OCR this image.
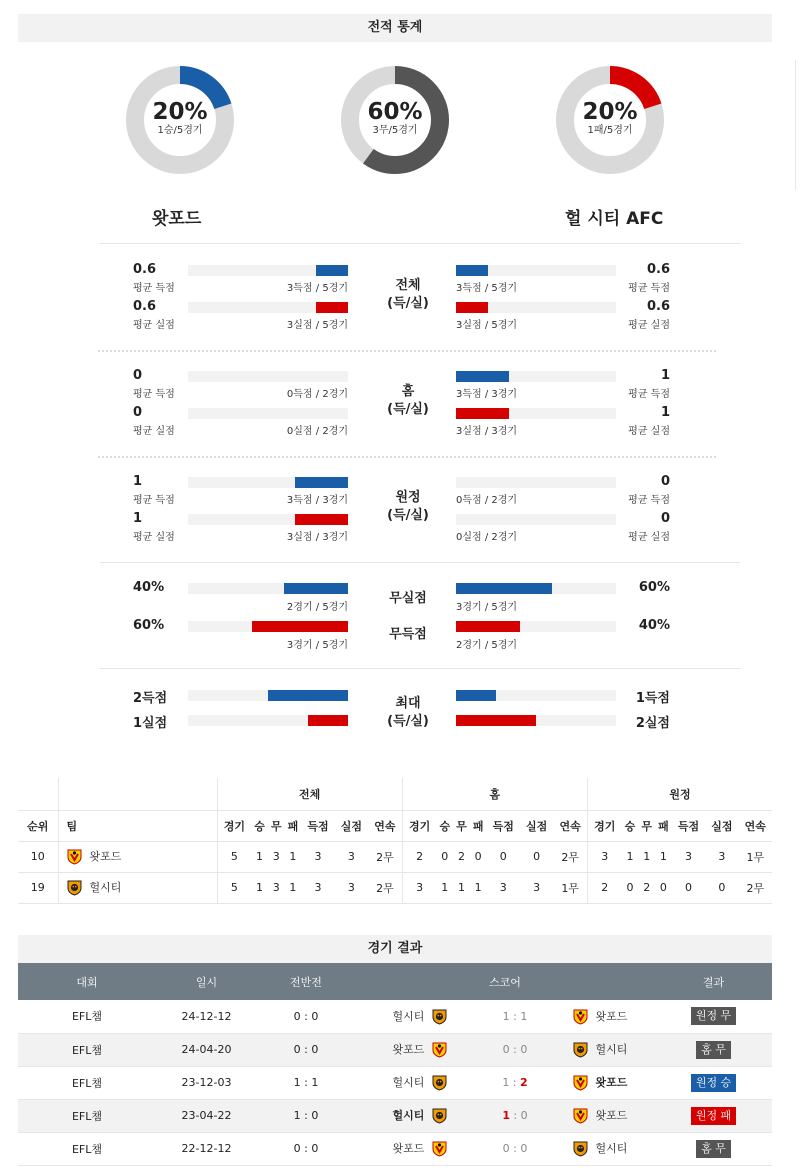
전적 통계
20%
1승/5경기
60%
3무/5경기
20%
1패/5경기
왓포드	헐 시티 AFC
전체
(득/실)
0.6
평균 득점	3득점 / 5경기
0.6
평균 실점	3실점 / 5경기
0.6
평균 득점
3득점 / 5경기
0.6
평균 실점
3실점 / 5경기
홈
(득/실)
0
평균 득점	0득점 / 2경기
0
평균 실점	0실점 / 2경기
1
평균 득점
3득점 / 3경기
1
평균 실점
3실점 / 3경기
원정
(득/실)
1
평균 득점	3득점 / 3경기
1
평균 실점	3실점 / 3경기
0
평균 득점
0득점 / 2경기
0
평균 실점
0실점 / 2경기
무실점
무득점
40%
2경기 / 5경기
60%
3경기 / 5경기
60%
3경기 / 5경기
40%
2경기 / 5경기
최대
(득/실)
2득점
1실점
1득점
2실점
		전체							홈							원정						
순위	팀	경기	승	무	패	득점	실점	연속	경기	승	무	패	득점	실점	연속	경기	승	무	패	득점	실점	연속
10	왓포드	5	1	3	1	3	3	2무	2	0	2	0	0	0	2무	3	1	1	1	3	3	1무
19	헐시티	5	1	3	1	3	3	2무	3	1	1	1	3	3	1무	2	0	2	0	0	0	2무
경기 결과
대회	일시	전반전	스코어			결과
EFL챔	24-12-12	0 : 0	헐시티	1 : 1	왓포드	원정 무
EFL챔	24-04-20	0 : 0	왓포드	0 : 0	헐시티	홈 무
EFL챔	23-12-03	1 : 1	헐시티	1 : 2	왓포드	원정 승
EFL챔	23-04-22	1 : 0	헐시티	1 : 0	왓포드	원정 패
EFL챔	22-12-12	0 : 0	왓포드	0 : 0	헐시티	홈 무
